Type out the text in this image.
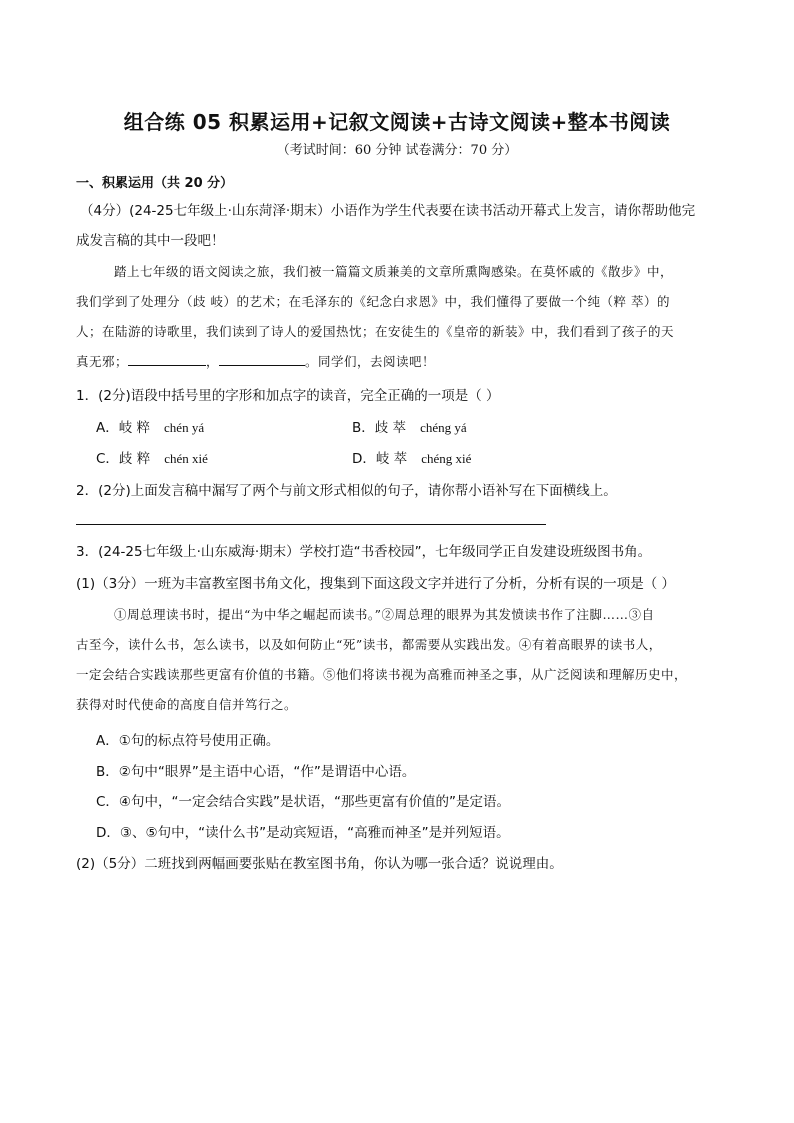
组合练 05 积累运用+记叙文阅读+古诗文阅读+整本书阅读
（考试时间：60 分钟 试卷满分：70 分）
一、积累运用（共 20 分）
（4分）(24-25七年级上·山东菏泽·期末）小语作为学生代表要在读书活动开幕式上发言，请你帮助他完
成发言稿的其中一段吧！
踏上七年级的语文阅读之旅，我们被一篇篇文质兼美的文章所熏陶感染。在莫怀戚的《散步》中，
我们学到了处理分（歧 岐）的艺术；在毛泽东的《纪念白求恩》中，我们懂得了要做一个纯（粹 萃）的
人；在陆游的诗歌里，我们读到了诗人的爱国热忱；在安徒生的《皇帝的新装》中，我们看到了孩子的天
真无邪；	，	。同学们，去阅读吧！
1．(2分)语段中括号里的字形和加点字的读音，完全正确的一项是（ ）
A．岐 粹 chén yá	B．歧 萃 chéng yá
C．歧 粹 chén xié	D．岐 萃 chéng xié
2．(2分)上面发言稿中漏写了两个与前文形式相似的句子，请你帮小语补写在下面横线上。
3．(24-25七年级上·山东威海·期末）学校打造“书香校园”，七年级同学正自发建设班级图书角。
(1)（3分）一班为丰富教室图书角文化，搜集到下面这段文字并进行了分析，分析有误的一项是（ ）
①周总理读书时，提出“为中华之崛起而读书。”②周总理的眼界为其发愤读书作了注脚……③自
古至今，读什么书，怎么读书，以及如何防止“死”读书，都需要从实践出发。④有着高眼界的读书人，
一定会结合实践读那些更富有价值的书籍。⑤他们将读书视为高雅而神圣之事，从广泛阅读和理解历史中，
获得对时代使命的高度自信并笃行之。
A．①句的标点符号使用正确。
B．②句中“眼界”是主语中心语，“作”是谓语中心语。
C．④句中，“一定会结合实践”是状语，“那些更富有价值的”是定语。
D．③、⑤句中，“读什么书”是动宾短语，“高雅而神圣”是并列短语。
(2)（5分）二班找到两幅画要张贴在教室图书角，你认为哪一张合适？说说理由。
